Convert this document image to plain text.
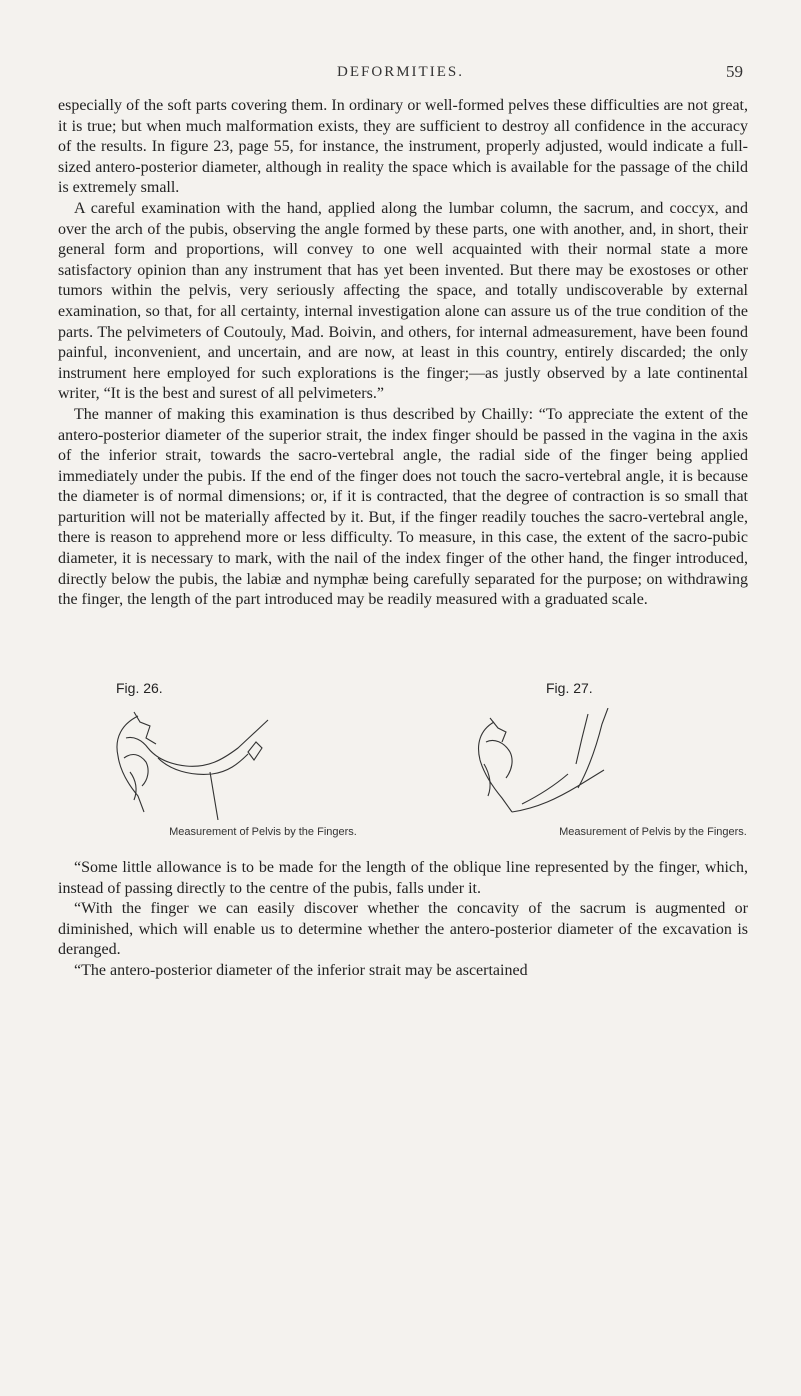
DEFORMITIES.	59

especially of the soft parts covering them. In ordinary or well-formed pelves these difficulties are not great, it is true; but when much malformation exists, they are sufficient to destroy all confidence in the accuracy of the results. In figure 23, page 55, for instance, the instrument, properly adjusted, would indicate a full-sized antero-posterior diameter, although in reality the space which is available for the passage of the child is extremely small.

A careful examination with the hand, applied along the lumbar column, the sacrum, and coccyx, and over the arch of the pubis, observing the angle formed by these parts, one with another, and, in short, their general form and proportions, will convey to one well acquainted with their normal state a more satisfactory opinion than any instrument that has yet been invented. But there may be exostoses or other tumors within the pelvis, very seriously affecting the space, and totally undiscoverable by external examination, so that, for all certainty, internal investigation alone can assure us of the true condition of the parts. The pelvimeters of Coutouly, Mad. Boivin, and others, for internal admeasurement, have been found painful, inconvenient, and uncertain, and are now, at least in this country, entirely discarded; the only instrument here employed for such explorations is the finger;—as justly observed by a late continental writer, “It is the best and surest of all pelvimeters.”

The manner of making this examination is thus described by Chailly: “To appreciate the extent of the antero-posterior diameter of the superior strait, the index finger should be passed in the vagina in the axis of the inferior strait, towards the sacro-vertebral angle, the radial side of the finger being applied immediately under the pubis. If the end of the finger does not touch the sacro-vertebral angle, it is because the diameter is of normal dimensions; or, if it is contracted, that the degree of contraction is so small that parturition will not be materially affected by it. But, if the finger readily touches the sacro-vertebral angle, there is reason to apprehend more or less difficulty. To measure, in this case, the extent of the sacro-pubic diameter, it is necessary to mark, with the nail of the index finger of the other hand, the finger introduced, directly below the pubis, the labiæ and nymphæ being carefully separated for the purpose; on withdrawing the finger, the length of the part introduced may be readily measured with a graduated scale.

Fig. 26.
Measurement of Pelvis by the Fingers.
Fig. 27.
Measurement of Pelvis by the Fingers.

“Some little allowance is to be made for the length of the oblique line represented by the finger, which, instead of passing directly to the centre of the pubis, falls under it.

“With the finger we can easily discover whether the concavity of the sacrum is augmented or diminished, which will enable us to determine whether the antero-posterior diameter of the excavation is deranged.

“The antero-posterior diameter of the inferior strait may be ascertained
